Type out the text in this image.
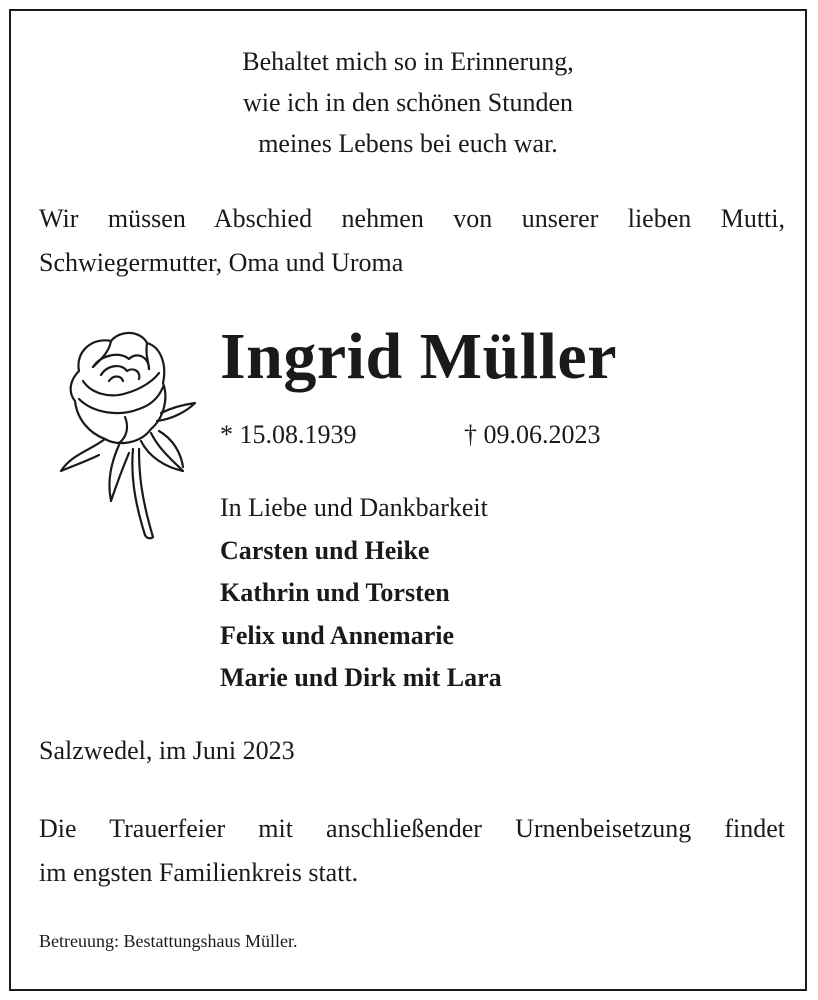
Behaltet mich so in Erinnerung,
wie ich in den schönen Stunden
meines Lebens bei euch war.
Wir müssen Abschied nehmen von unserer lieben Mutti,
Schwiegermutter, Oma und Uroma
Ingrid Müller
* 15.08.1939	† 09.06.2023
In Liebe und Dankbarkeit
Carsten und Heike
Kathrin und Torsten
Felix und Annemarie
Marie und Dirk mit Lara
Salzwedel, im Juni 2023
Die Trauerfeier mit anschließender Urnenbeisetzung findet
im engsten Familienkreis statt.
Betreuung: Bestattungshaus Müller.
